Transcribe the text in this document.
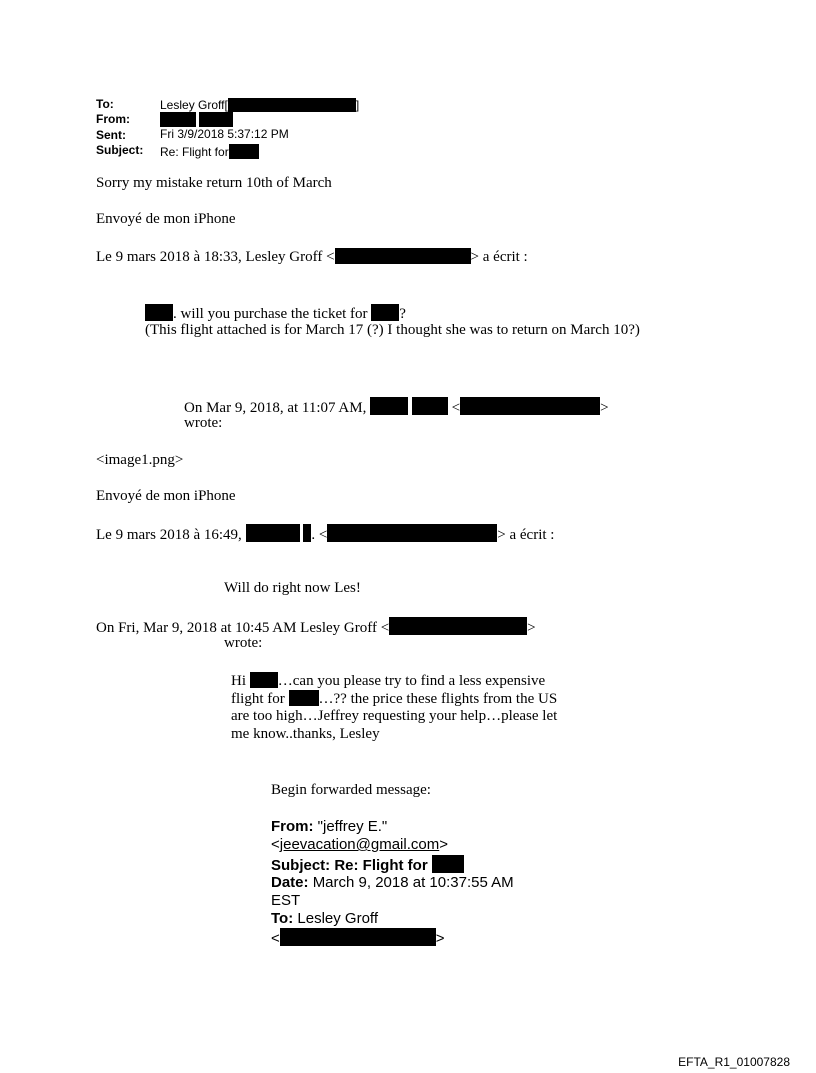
To:	Lesley Groff[	]
From:

Sent:	Fri 3/9/2018 5:37:12 PM
Subject: Re: Flight for
Sorry my mistake return 10th of March
Envoyé de mon iPhone
Le 9 mars 2018 à 18:33, Lesley Groff <	> a écrit :
. will you purchase the ticket for ?
(This flight attached is for March 17 (?) I thought she was to return on March 10?)
On Mar 9, 2018, at 11:07 AM,	<	>
wrote:
<image1.png>
Envoyé de mon iPhone
Le 9 mars 2018 à 16:49,	. <	> a écrit :
Will do right now Les!
On Fri, Mar 9, 2018 at 10:45 AM Lesley Groff <	>
wrote:
Hi …can you please try to find a less expensive
flight for …?? the price these flights from the US
are too high…Jeffrey requesting your help…please let
me know..thanks, Lesley
Begin forwarded message:
From: "jeffrey E."
<jeevacation@gmail.com>
Subject: Re: Flight for
Date: March 9, 2018 at 10:37:55 AM
EST
To: Lesley Groff
<	>
EFTA_R1_01007828
